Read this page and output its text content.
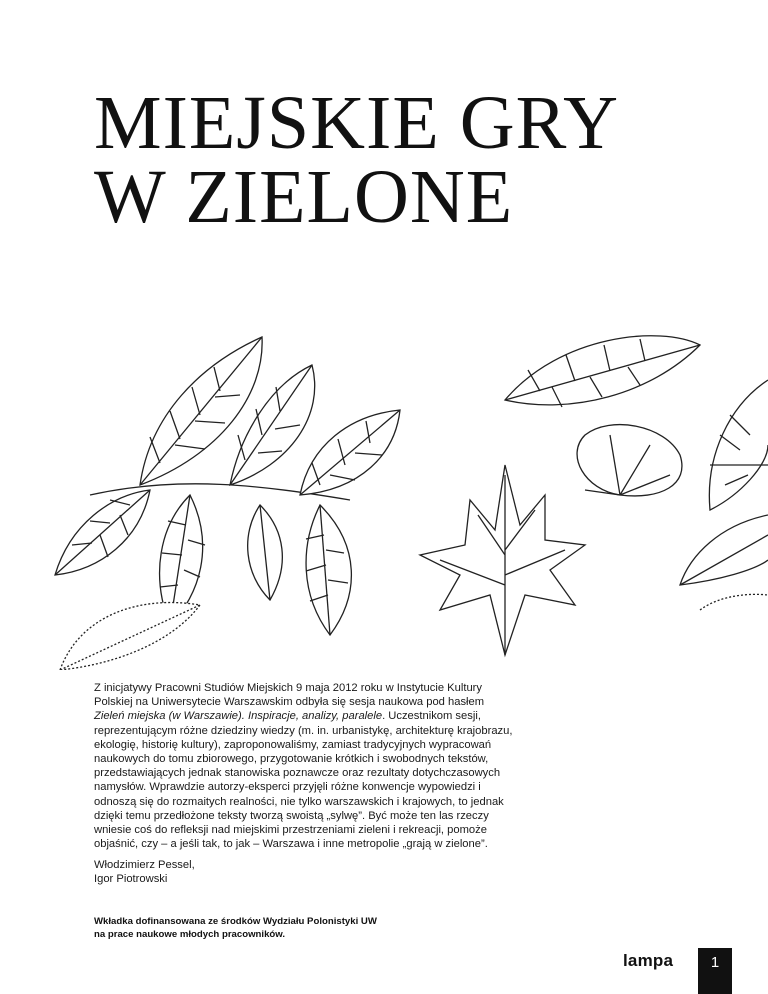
MIEJSKIE GRY
W ZIELONE

Z inicjatywy Pracowni Studiów Miejskich 9 maja 2012 roku w Instytucie Kultury Polskiej na Uniwersytecie Warszawskim odbyła się sesja naukowa pod hasłem Zieleń miejska (w Warszawie). Inspiracje, analizy, paralele. Uczestnikom sesji, reprezentującym różne dziedziny wiedzy (m. in. urbanistykę, architekturę krajobrazu, ekologię, historię kultury), zaproponowaliśmy, zamiast tradycyjnych wypracowań naukowych do tomu zbiorowego, przygotowanie krótkich i swobodnych tekstów, przedstawiających jednak stanowiska poznawcze oraz rezultaty dotychczasowych namysłów. Wprawdzie autorzy-eksperci przyjęli różne konwencje wypowiedzi i odnoszą się do rozmaitych realności, nie tylko warszawskich i krajowych, to jednak dzięki temu przedłożone teksty tworzą swoistą „sylwę”. Być może ten las rzeczy wniesie coś do refleksji nad miejskimi przestrzeniami zieleni i rekreacji, pomoże objaśnić, czy – a jeśli tak, to jak – Warszawa i inne metropolie „grają w zielone”.

Włodzimierz Pessel,
Igor Piotrowski

Wkładka dofinansowana ze środków Wydziału Polonistyki UW
na prace naukowe młodych pracowników.

lampa	1
